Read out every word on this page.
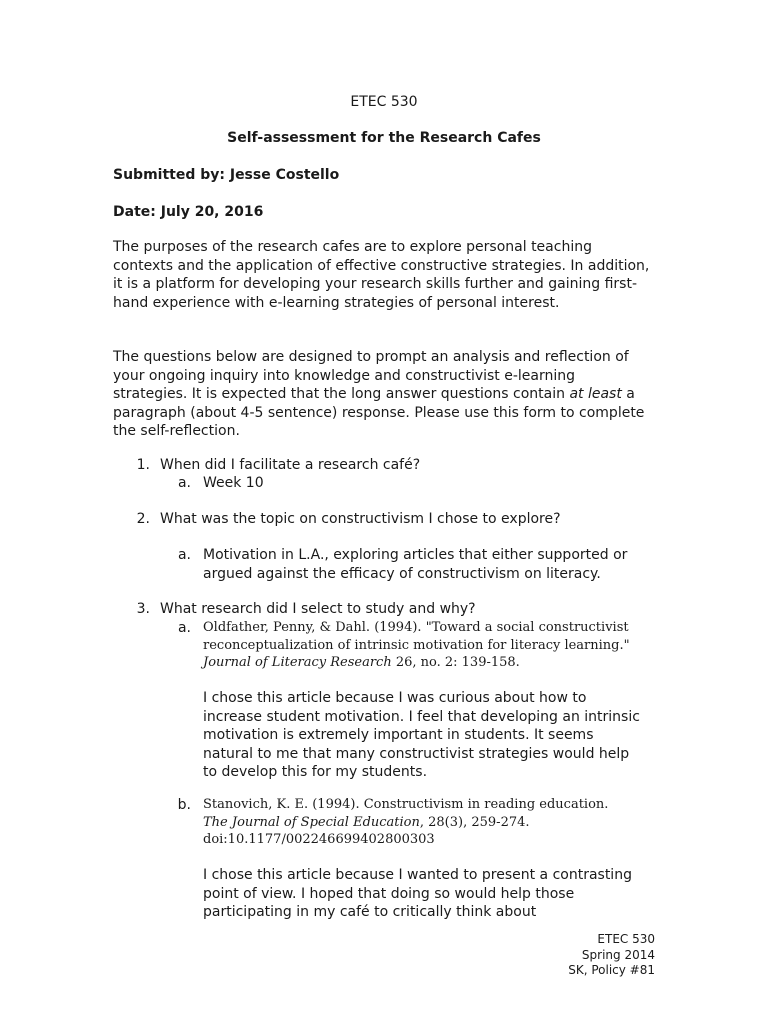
ETEC 530
Self-assessment for the Research Cafes
Submitted by: Jesse Costello
Date: July 20, 2016
The purposes of the research cafes are to explore personal teaching contexts and the application of effective constructive strategies. In addition, it is a platform for developing your research skills further and gaining first-hand experience with e-learning strategies of personal interest.
The questions below are designed to prompt an analysis and reflection of your ongoing inquiry into knowledge and constructivist e-learning strategies. It is expected that the long answer questions contain at least a paragraph (about 4-5 sentence) response. Please use this form to complete the self-reflection.
1. When did I facilitate a research café?
a. Week 10
2. What was the topic on constructivism I chose to explore?
a. Motivation in L.A., exploring articles that either supported or argued against the efficacy of constructivism on literacy.
3. What research did I select to study and why?
a. Oldfather, Penny, & Dahl. (1994). "Toward a social constructivist reconceptualization of intrinsic motivation for literacy learning." Journal of Literacy Research 26, no. 2: 139-158.
I chose this article because I was curious about how to increase student motivation. I feel that developing an intrinsic motivation is extremely important in students. It seems natural to me that many constructivist strategies would help to develop this for my students.
b. Stanovich, K. E. (1994). Constructivism in reading education. The Journal of Special Education, 28(3), 259-274. doi:10.1177/002246699402800303
I chose this article because I wanted to present a contrasting point of view. I hoped that doing so would help those participating in my café to critically think about
ETEC 530
Spring 2014
SK, Policy #81
